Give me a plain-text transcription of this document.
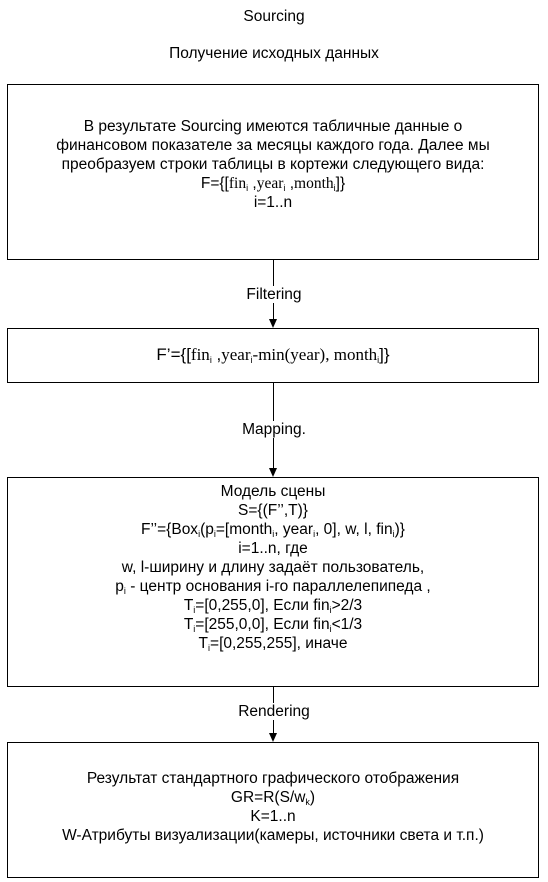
Sourcing
Получение исходных данных
В результате Sourcing имеются табличные данные о
финансовом показателе за месяцы каждого года. Далее мы
преобразуем строки таблицы в кортежи следующего вида:
F={[fin$_i$ ,year$_i$ ,month$_i$]}
i=1..n
Filtering
F’={[fin$_i$ ,year$_i$-min(year), month$_i$]}
Mapping.
Модель сцены
S={(F’’,T)}
$F’’=\{Box_i(p_i=[month_i$, year$_i$, 0], w, l, fin$_i$)}
i=1..n, где
w, l-ширину и длину задаёт пользователь,
$p_i$ - центр основания i-го параллелепипеда ,
$T_i=[0,255,0]$, Если fin$_i$>2/3
$T_i=[255,0,0]$, Если fin$_i$<1/3
$T_i=[0,255,255]$, иначе
Rendering
Результат стандартного графического отображения
$GR=R(S/w_k)$
K=1..n
W-Атрибуты визуализации(камеры, источники света и т.п.)
